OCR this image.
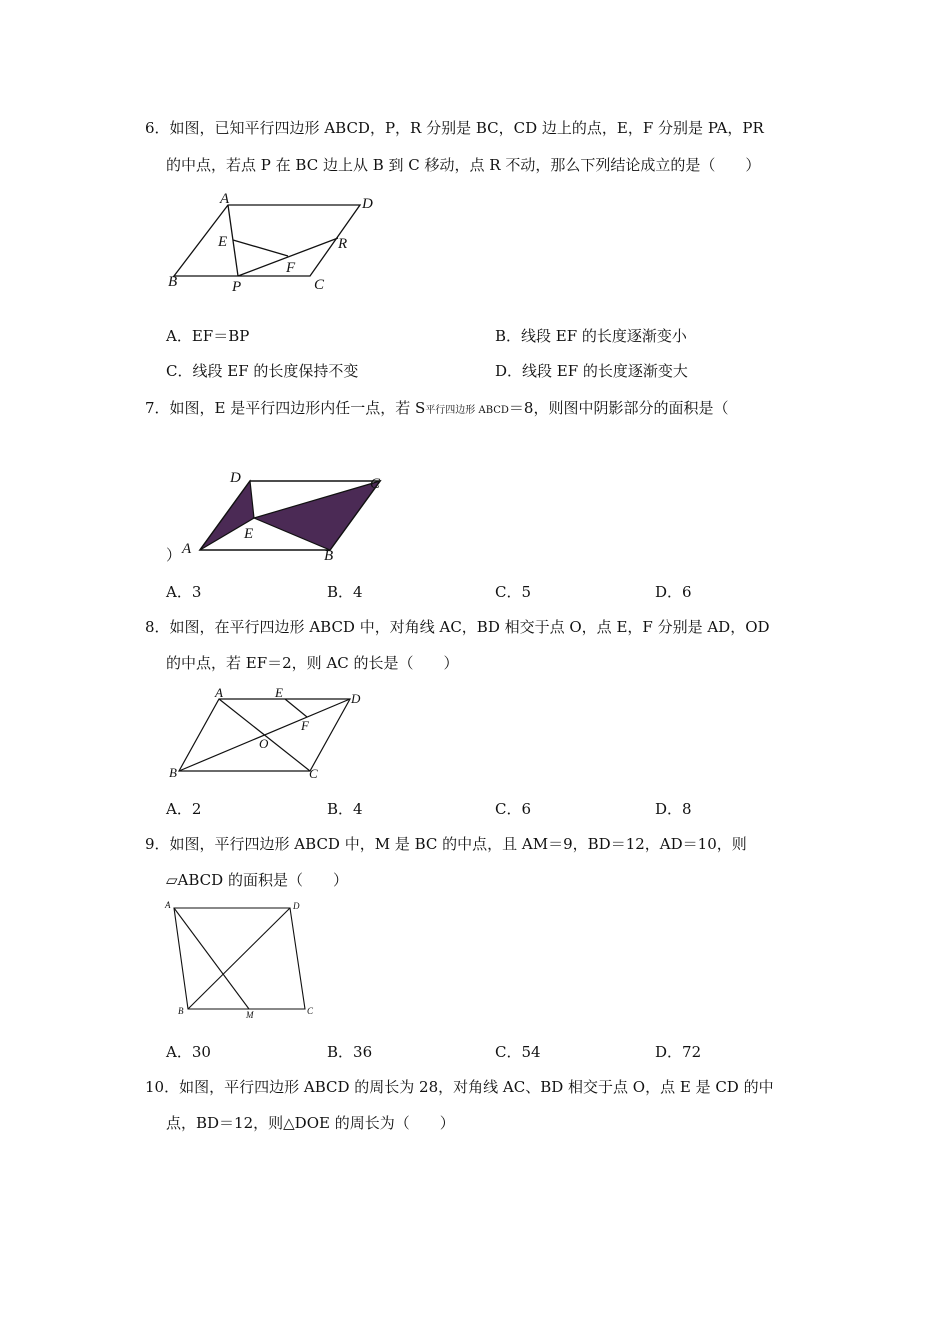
6．如图，已知平行四边形 ABCD，P，R 分别是 BC，CD 边上的点，E，F 分别是 PA，PR
的中点，若点 P 在 BC 边上从 B 到 C 移动，点 R 不动，那么下列结论成立的是（　　）
A	D
E	R
F
B	P	C
A．EF＝BP	B．线段 EF 的长度逐渐变小
C．线段 EF 的长度保持不变	D．线段 EF 的长度逐渐变大
7．如图，E 是平行四边形内任一点，若 S平行四边形 ABCD＝8，则图中阴影部分的面积是（
）
D	C
E
A	B
A．3	B．4	C．5	D．6
8．如图，在平行四边形 ABCD 中，对角线 AC，BD 相交于点 O，点 E，F 分别是 AD，OD
的中点，若 EF＝2，则 AC 的长是（　　）
A	E	D
F
O
B	C
A．2	B．4	C．6	D．8
9．如图，平行四边形 ABCD 中，M 是 BC 的中点，且 AM＝9，BD＝12，AD＝10，则
▱ABCD 的面积是（　　）
A	D
B	M	C
A．30	B．36	C．54	D．72
10．如图，平行四边形 ABCD 的周长为 28，对角线 AC、BD 相交于点 O，点 E 是 CD 的中
点，BD＝12，则△DOE 的周长为（　　）
